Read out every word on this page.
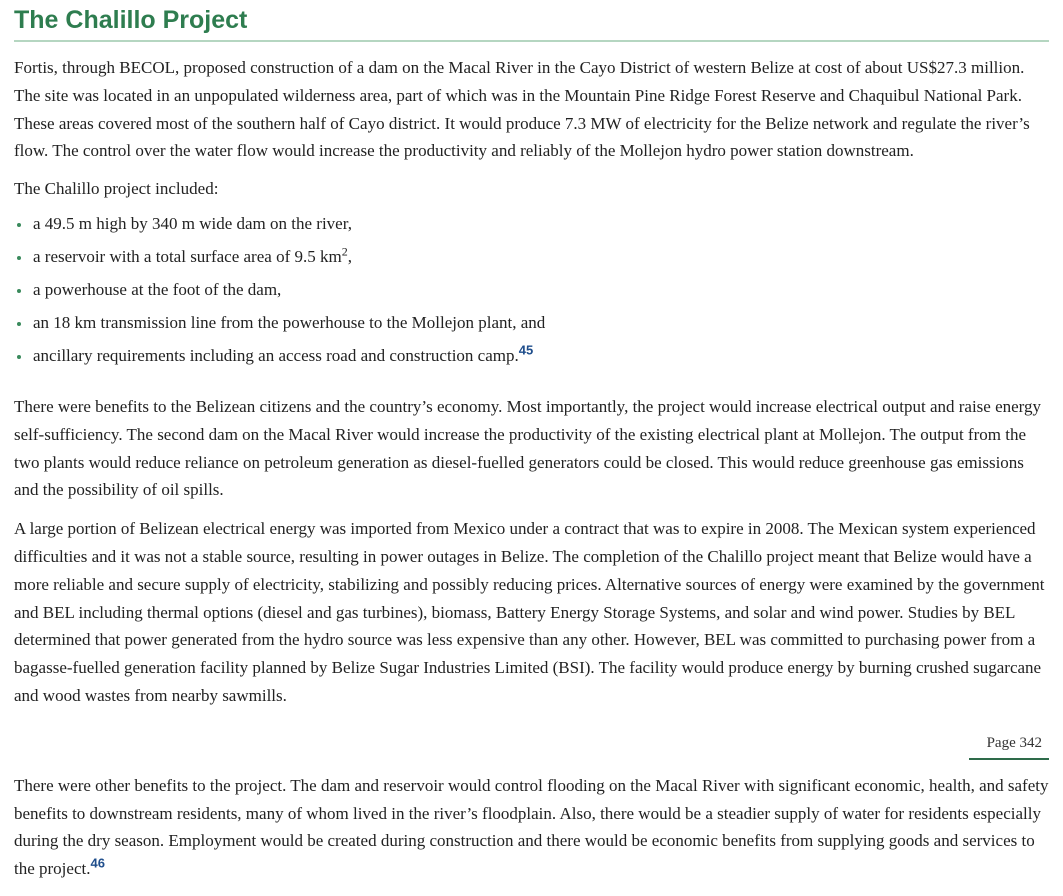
The Chalillo Project

Fortis, through BECOL, proposed construction of a dam on the Macal River in the Cayo District of western Belize at cost of about US$27.3 million. The site was located in an unpopulated wilderness area, part of which was in the Mountain Pine Ridge Forest Reserve and Chaquibul National Park. These areas covered most of the southern half of Cayo district. It would produce 7.3 MW of electricity for the Belize network and regulate the river’s flow. The control over the water flow would increase the productivity and reliably of the Mollejon hydro power station downstream.

The Chalillo project included:

a 49.5 m high by 340 m wide dam on the river,
a reservoir with a total surface area of 9.5 $km^2$,
a powerhouse at the foot of the dam,
an 18 km transmission line from the powerhouse to the Mollejon plant, and
ancillary requirements including an access road and construction camp.$^{45}$

There were benefits to the Belizean citizens and the country’s economy. Most importantly, the project would increase electrical output and raise energy self-sufficiency. The second dam on the Macal River would increase the productivity of the existing electrical plant at Mollejon. The output from the two plants would reduce reliance on petroleum generation as diesel-fuelled generators could be closed. This would reduce greenhouse gas emissions and the possibility of oil spills.

A large portion of Belizean electrical energy was imported from Mexico under a contract that was to expire in 2008. The Mexican system experienced difficulties and it was not a stable source, resulting in power outages in Belize. The completion of the Chalillo project meant that Belize would have a more reliable and secure supply of electricity, stabilizing and possibly reducing prices. Alternative sources of energy were examined by the government and BEL including thermal options (diesel and gas turbines), biomass, Battery Energy Storage Systems, and solar and wind power. Studies by BEL determined that power generated from the hydro source was less expensive than any other. However, BEL was committed to purchasing power from a bagasse-fuelled generation facility planned by Belize Sugar Industries Limited (BSI). The facility would produce energy by burning crushed sugarcane and wood wastes from nearby sawmills.

Page 342

There were other benefits to the project. The dam and reservoir would control flooding on the Macal River with significant economic, health, and safety benefits to downstream residents, many of whom lived in the river’s floodplain. Also, there would be a steadier supply of water for residents especially during the dry season. Employment would be created during construction and there would be economic benefits from supplying goods and services to the project.$^{46}$
